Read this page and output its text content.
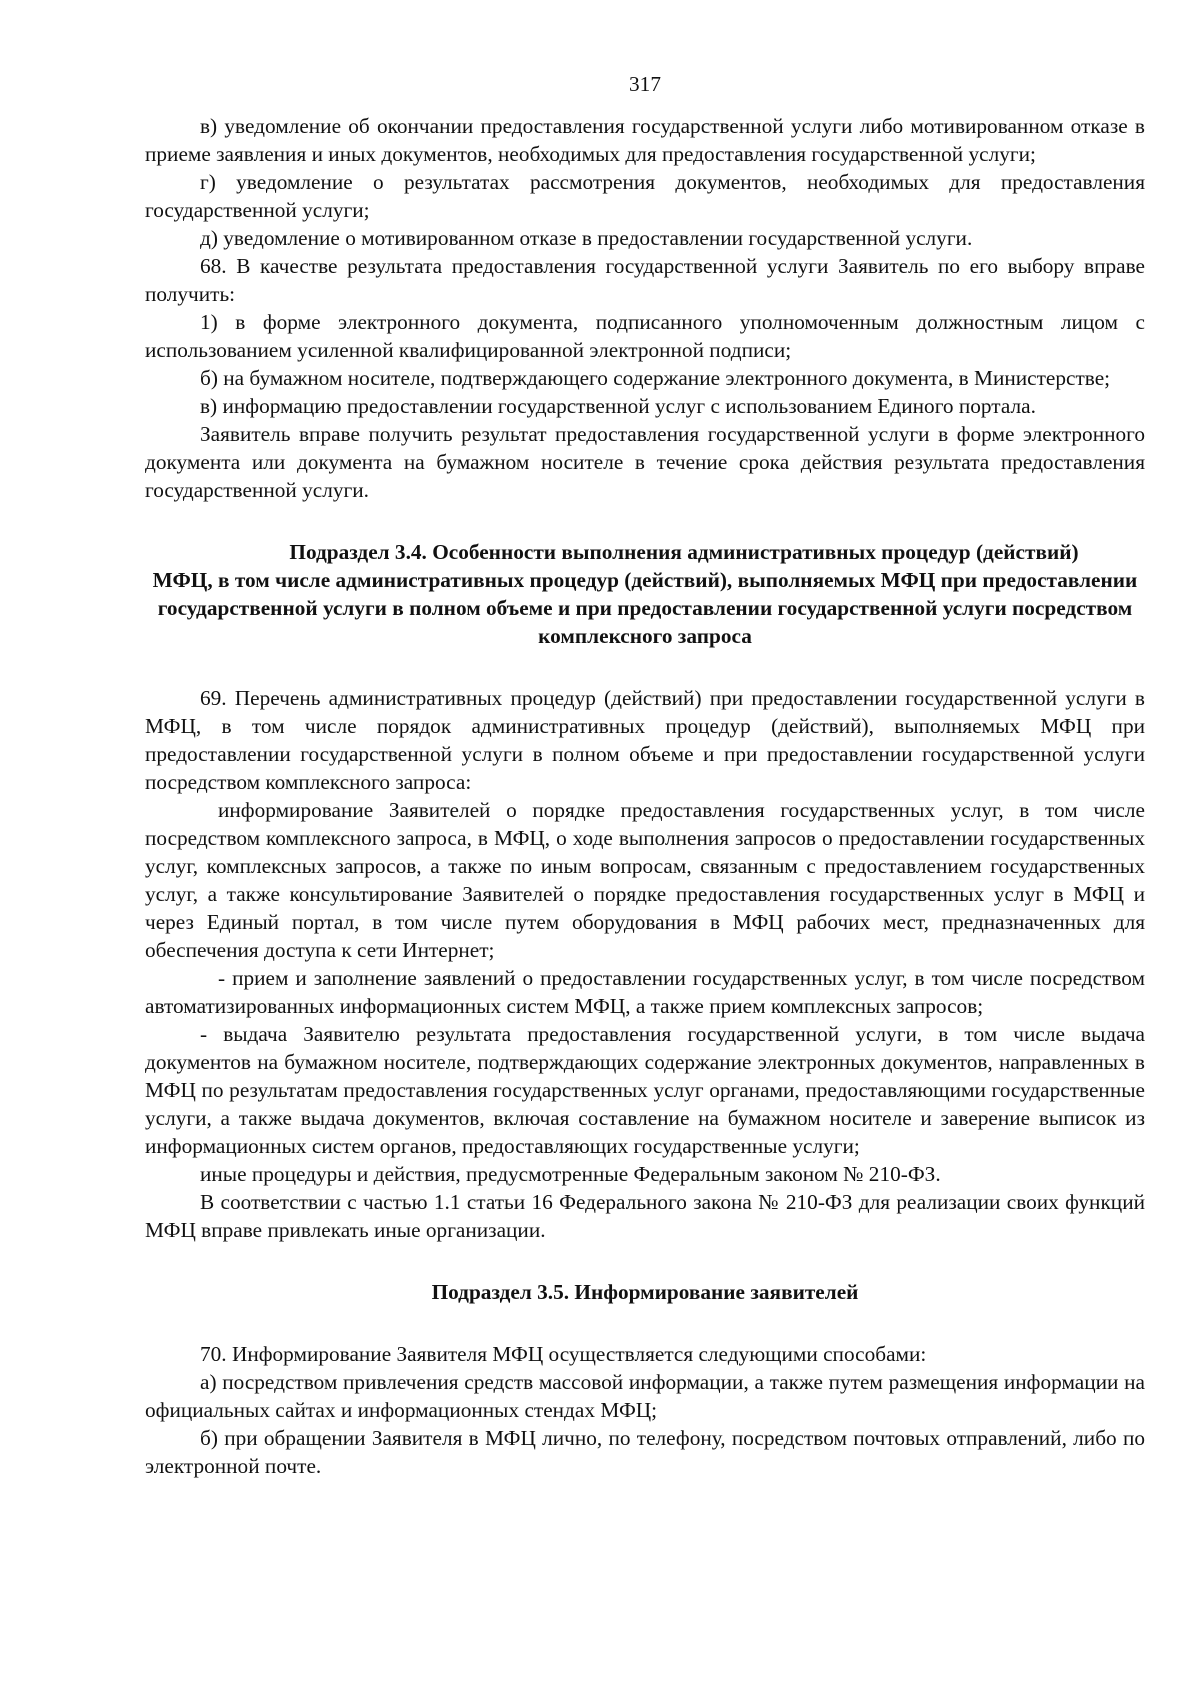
317

в) уведомление об окончании предоставления государственной услуги либо мотивированном отказе в приеме заявления и иных документов, необходимых для предоставления государственной услуги;

г) уведомление о результатах рассмотрения документов, необходимых для предоставления государственной услуги;

д) уведомление о мотивированном отказе в предоставлении государственной услуги.

68. В качестве результата предоставления государственной услуги Заявитель по его выбору вправе получить:

1) в форме электронного документа, подписанного уполномоченным должностным лицом с использованием усиленной квалифицированной электронной подписи;

б) на бумажном носителе, подтверждающего содержание электронного документа, в Министерстве;

в) информацию предоставлении государственной услуг с использованием Единого портала.

Заявитель вправе получить результат предоставления государственной услуги в форме электронного документа или документа на бумажном носителе в течение срока действия результата предоставления государственной услуги.

Подраздел 3.4. Особенности выполнения административных процедур (действий)
МФЦ, в том числе административных процедур (действий), выполняемых МФЦ при предоставлении государственной услуги в полном объеме и при предоставлении государственной услуги посредством комплексного запроса

69. Перечень административных процедур (действий) при предоставлении государственной услуги в МФЦ, в том числе порядок административных процедур (действий), выполняемых МФЦ при предоставлении государственной услуги в полном объеме и при предоставлении государственной услуги посредством комплексного запроса:

информирование Заявителей о порядке предоставления государственных услуг, в том числе посредством комплексного запроса, в МФЦ, о ходе выполнения запросов о предоставлении государственных услуг, комплексных запросов, а также по иным вопросам, связанным с предоставлением государственных услуг, а также консультирование Заявителей о порядке предоставления государственных услуг в МФЦ и через Единый портал, в том числе путем оборудования в МФЦ рабочих мест, предназначенных для обеспечения доступа к сети Интернет;

- прием и заполнение заявлений о предоставлении государственных услуг, в том числе посредством автоматизированных информационных систем МФЦ, а также прием комплексных запросов;

- выдача Заявителю результата предоставления государственной услуги, в том числе выдача документов на бумажном носителе, подтверждающих содержание электронных документов, направленных в МФЦ по результатам предоставления государственных услуг органами, предоставляющими государственные услуги, а также выдача документов, включая составление на бумажном носителе и заверение выписок из информационных систем органов, предоставляющих государственные услуги;

иные процедуры и действия, предусмотренные Федеральным законом № 210-ФЗ.

В соответствии с частью 1.1 статьи 16 Федерального закона № 210-ФЗ для реализации своих функций МФЦ вправе привлекать иные организации.

Подраздел 3.5. Информирование заявителей

70. Информирование Заявителя МФЦ осуществляется следующими способами:

а) посредством привлечения средств массовой информации, а также путем размещения информации на официальных сайтах и информационных стендах МФЦ;

б) при обращении Заявителя в МФЦ лично, по телефону, посредством почтовых отправлений, либо по электронной почте.
